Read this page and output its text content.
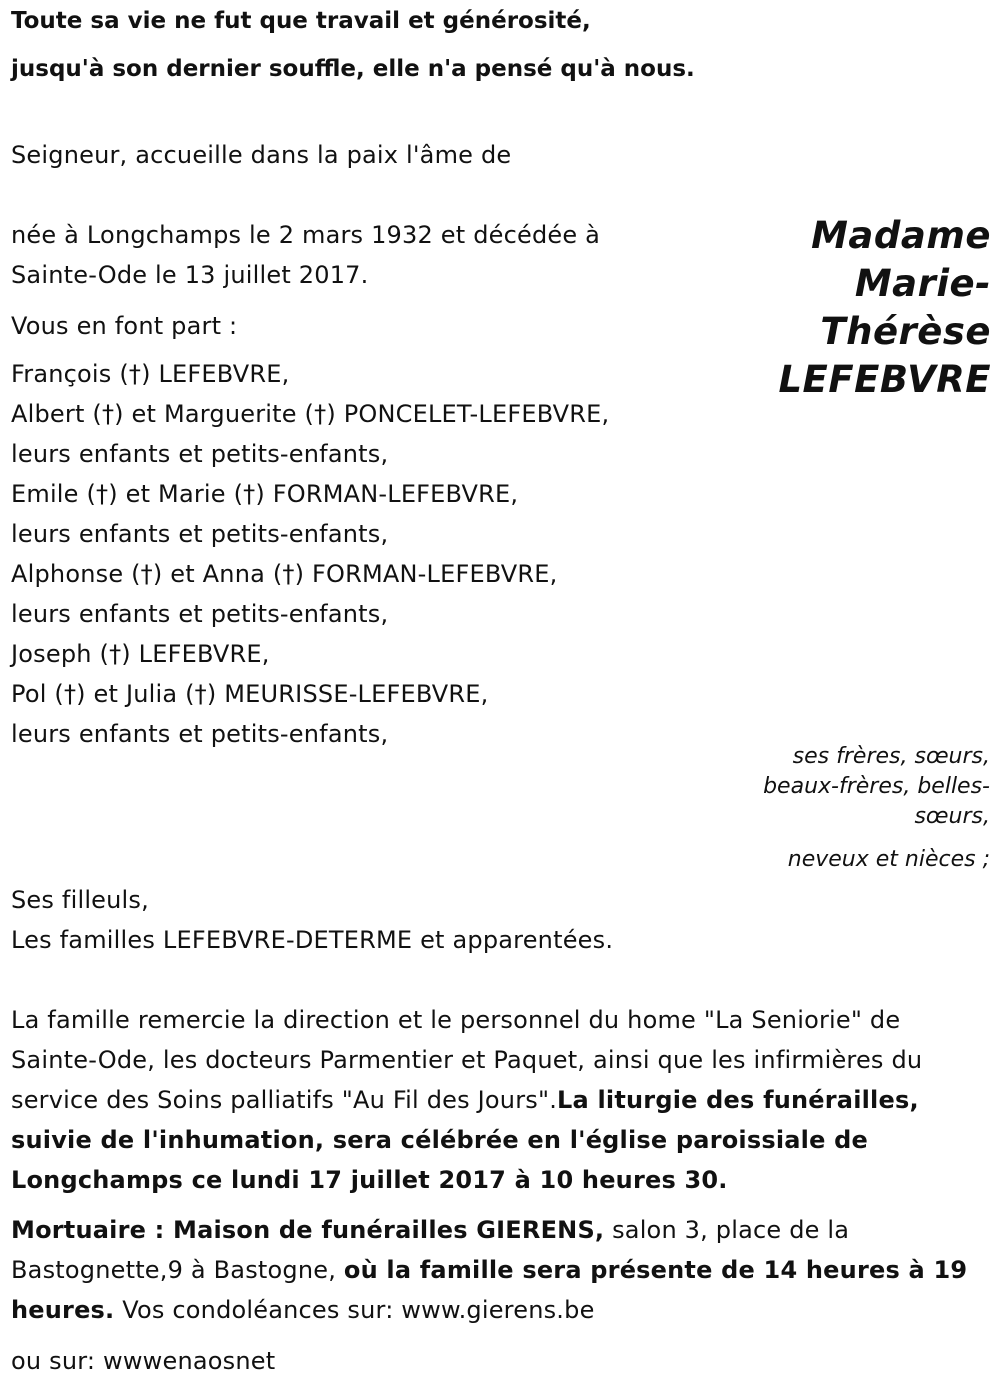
Toute sa vie ne fut que travail et générosité,
jusqu'à son dernier souffle, elle n'a pensé qu'à nous.
Seigneur, accueille dans la paix l'âme de

née à Longchamps le 2 mars 1932 et décédée à

Sainte-Ode le 13 juillet 2017.

Madame

Marie-

Thérèse

LEFEBVRE

Vous en font part :

François (†) LEFEBVRE,

Albert (†) et Marguerite (†) PONCELET-LEFEBVRE,

leurs enfants et petits-enfants,

Emile (†) et Marie (†) FORMAN-LEFEBVRE,

leurs enfants et petits-enfants,

Alphonse (†) et Anna (†) FORMAN-LEFEBVRE,

leurs enfants et petits-enfants,

Joseph (†) LEFEBVRE,

Pol (†) et Julia (†) MEURISSE-LEFEBVRE,

leurs enfants et petits-enfants,

ses frères, sœurs,

beaux-frères, belles-

sœurs,

neveux et nièces ;

Ses filleuls,

Les familles LEFEBVRE-DETERME et apparentées.

La famille remercie la direction et le personnel du home "La Seniorie" de Sainte-Ode, les docteurs Parmentier et Paquet, ainsi que les infirmières du service des Soins palliatifs "Au Fil des Jours".La liturgie des funérailles, suivie de l'inhumation, sera célébrée en l'église paroissiale de Longchamps ce lundi 17 juillet 2017 à 10 heures 30.
Mortuaire : Maison de funérailles GIERENS, salon 3, place de la Bastognette,9 à Bastogne, où la famille sera présente de 14 heures à 19 heures. Vos condoléances sur: www.gierens.be
ou sur: wwwenaosnet
